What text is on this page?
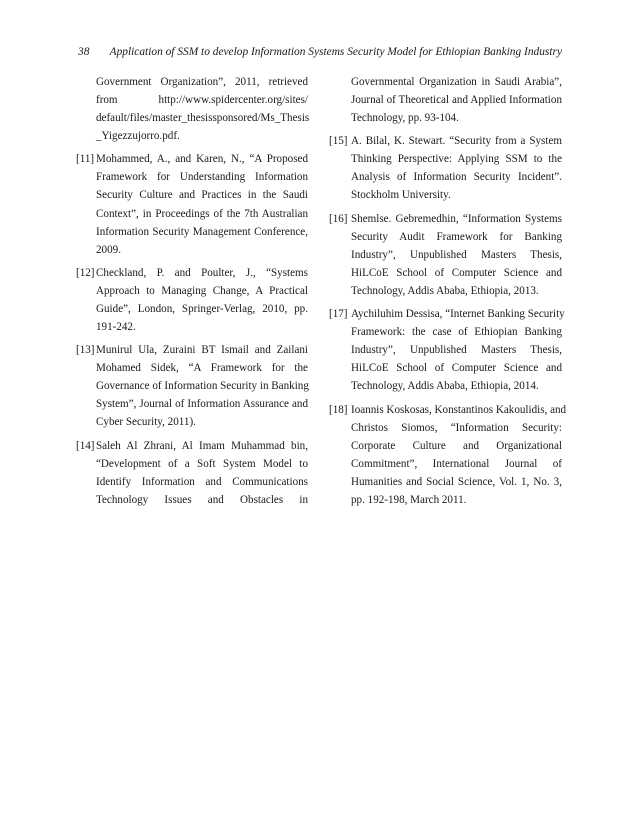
38 Application of SSM to develop Information Systems Security Model for Ethiopian Banking Industry
Government Organization”, 2011, retrieved
from http://www.spidercenter.org/sites/
default/files/master_thesissponsored/Ms_Thesis
_Yigezzujorro.pdf.
[11] Mohammed, A., and Karen, N., “A Proposed
Framework for Understanding Information
Security Culture and Practices in the Saudi
Context”, in Proceedings of the 7th Australian
Information Security Management Conference,
2009.
[12] Checkland, P. and Poulter, J., “Systems
Approach to Managing Change, A Practical
Guide”, London, Springer-Verlag, 2010, pp.
191-242.
[13] Munirul Ula, Zuraini BT Ismail and Zailani
Mohamed Sidek, “A Framework for the
Governance of Information Security in Banking
System”, Journal of Information Assurance and
Cyber Security, 2011).
[14] Saleh Al Zhrani, Al Imam Muhammad bin,
“Development of a Soft System Model to
Identify Information and Communications
Technology Issues and Obstacles in
Governmental Organization in Saudi Arabia”,
Journal of Theoretical and Applied Information
Technology, pp. 93-104.
[15] A. Bilal, K. Stewart. “Security from a System
Thinking Perspective: Applying SSM to the
Analysis of Information Security Incident”.
Stockholm University.
[16] Shemlse. Gebremedhin, “Information Systems
Security Audit Framework for Banking
Industry”, Unpublished Masters Thesis,
HiLCoE School of Computer Science and
Technology, Addis Ababa, Ethiopia, 2013.
[17] Aychiluhim Dessisa, “Internet Banking Security
Framework: the case of Ethiopian Banking
Industry”, Unpublished Masters Thesis,
HiLCoE School of Computer Science and
Technology, Addis Ababa, Ethiopia, 2014.
[18] Ioannis Koskosas, Konstantinos Kakoulidis, and
Christos Siomos, “Information Security:
Corporate Culture and Organizational
Commitment”, International Journal of
Humanities and Social Science, Vol. 1, No. 3,
pp. 192-198, March 2011.
